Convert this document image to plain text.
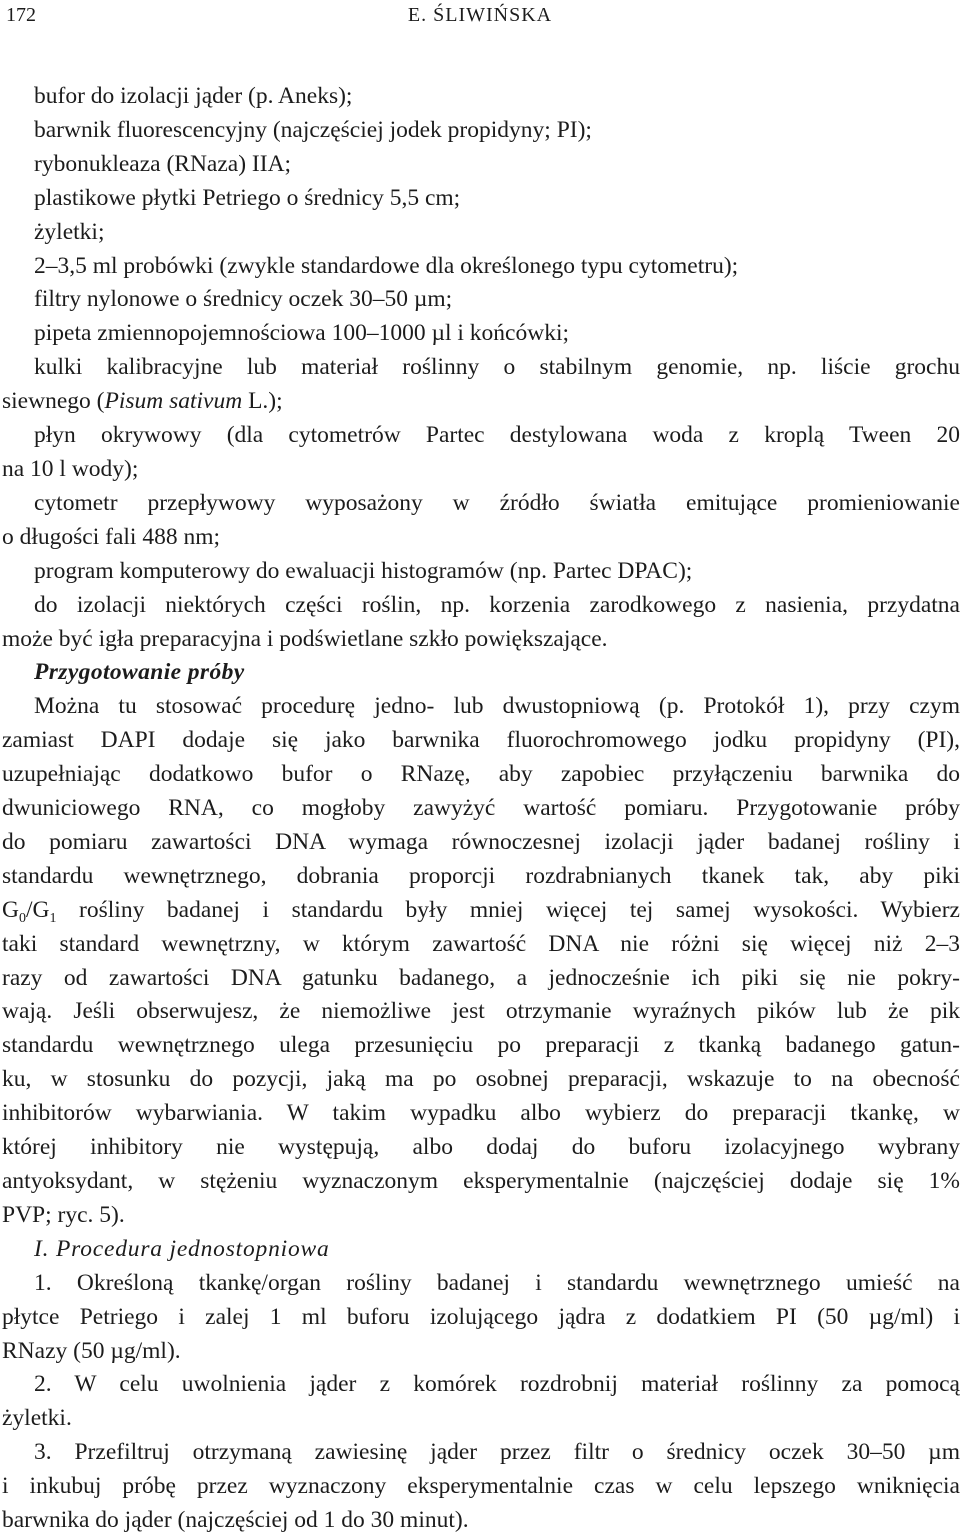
172	E. ŚLIWIŃSKA
bufor do izolacji jąder (p. Aneks);
barwnik fluorescencyjny (najczęściej jodek propidyny; PI);
rybonukleaza (RNaza) IIA;
plastikowe płytki Petriego o średnicy 5,5 cm;
żyletki;
2–3,5 ml probówki (zwykle standardowe dla określonego typu cytometru);
filtry nylonowe o średnicy oczek 30–50 µm;
pipeta zmiennopojemnościowa 100–1000 µl i końcówki;
kulki kalibracyjne lub materiał roślinny o stabilnym genomie, np. liście grochu
siewnego (Pisum sativum L.);
płyn okrywowy (dla cytometrów Partec destylowana woda z kroplą Tween 20
na 10 l wody);
cytometr przepływowy wyposażony w źródło światła emitujące promieniowanie
o długości fali 488 nm;
program komputerowy do ewaluacji histogramów (np. Partec DPAC);
do izolacji niektórych części roślin, np. korzenia zarodkowego z nasienia, przydatna
może być igła preparacyjna i podświetlane szkło powiększające.
Przygotowanie próby
Można tu stosować procedurę jedno- lub dwustopniową (p. Protokół 1), przy czym
zamiast DAPI dodaje się jako barwnika fluorochromowego jodku propidyny (PI),
uzupełniając dodatkowo bufor o RNazę, aby zapobiec przyłączeniu barwnika do
dwuniciowego RNA, co mogłoby zawyżyć wartość pomiaru. Przygotowanie próby
do pomiaru zawartości DNA wymaga równoczesnej izolacji jąder badanej rośliny i
standardu wewnętrznego, dobrania proporcji rozdrabnianych tkanek tak, aby piki
$G_0/G_1$ rośliny badanej i standardu były mniej więcej tej samej wysokości. Wybierz
taki standard wewnętrzny, w którym zawartość DNA nie różni się więcej niż 2–3
razy od zawartości DNA gatunku badanego, a jednocześnie ich piki się nie pokry-
wają. Jeśli obserwujesz, że niemożliwe jest otrzymanie wyraźnych pików lub że pik
standardu wewnętrznego ulega przesunięciu po preparacji z tkanką badanego gatun-
ku, w stosunku do pozycji, jaką ma po osobnej preparacji, wskazuje to na obecność
inhibitorów wybarwiania. W takim wypadku albo wybierz do preparacji tkankę, w
której inhibitory nie występują, albo dodaj do buforu izolacyjnego wybrany
antyoksydant, w stężeniu wyznaczonym eksperymentalnie (najczęściej dodaje się 1%
PVP; ryc. 5).
I. Procedura jednostopniowa
1. Określoną tkankę/organ rośliny badanej i standardu wewnętrznego umieść na
płytce Petriego i zalej 1 ml buforu izolującego jądra z dodatkiem PI (50 µg/ml) i
RNazy (50 µg/ml).
2. W celu uwolnienia jąder z komórek rozdrobnij materiał roślinny za pomocą
żyletki.
3. Przefiltruj otrzymaną zawiesinę jąder przez filtr o średnicy oczek 30–50 µm
i inkubuj próbę przez wyznaczony eksperymentalnie czas w celu lepszego wniknięcia
barwnika do jąder (najczęściej od 1 do 30 minut).
